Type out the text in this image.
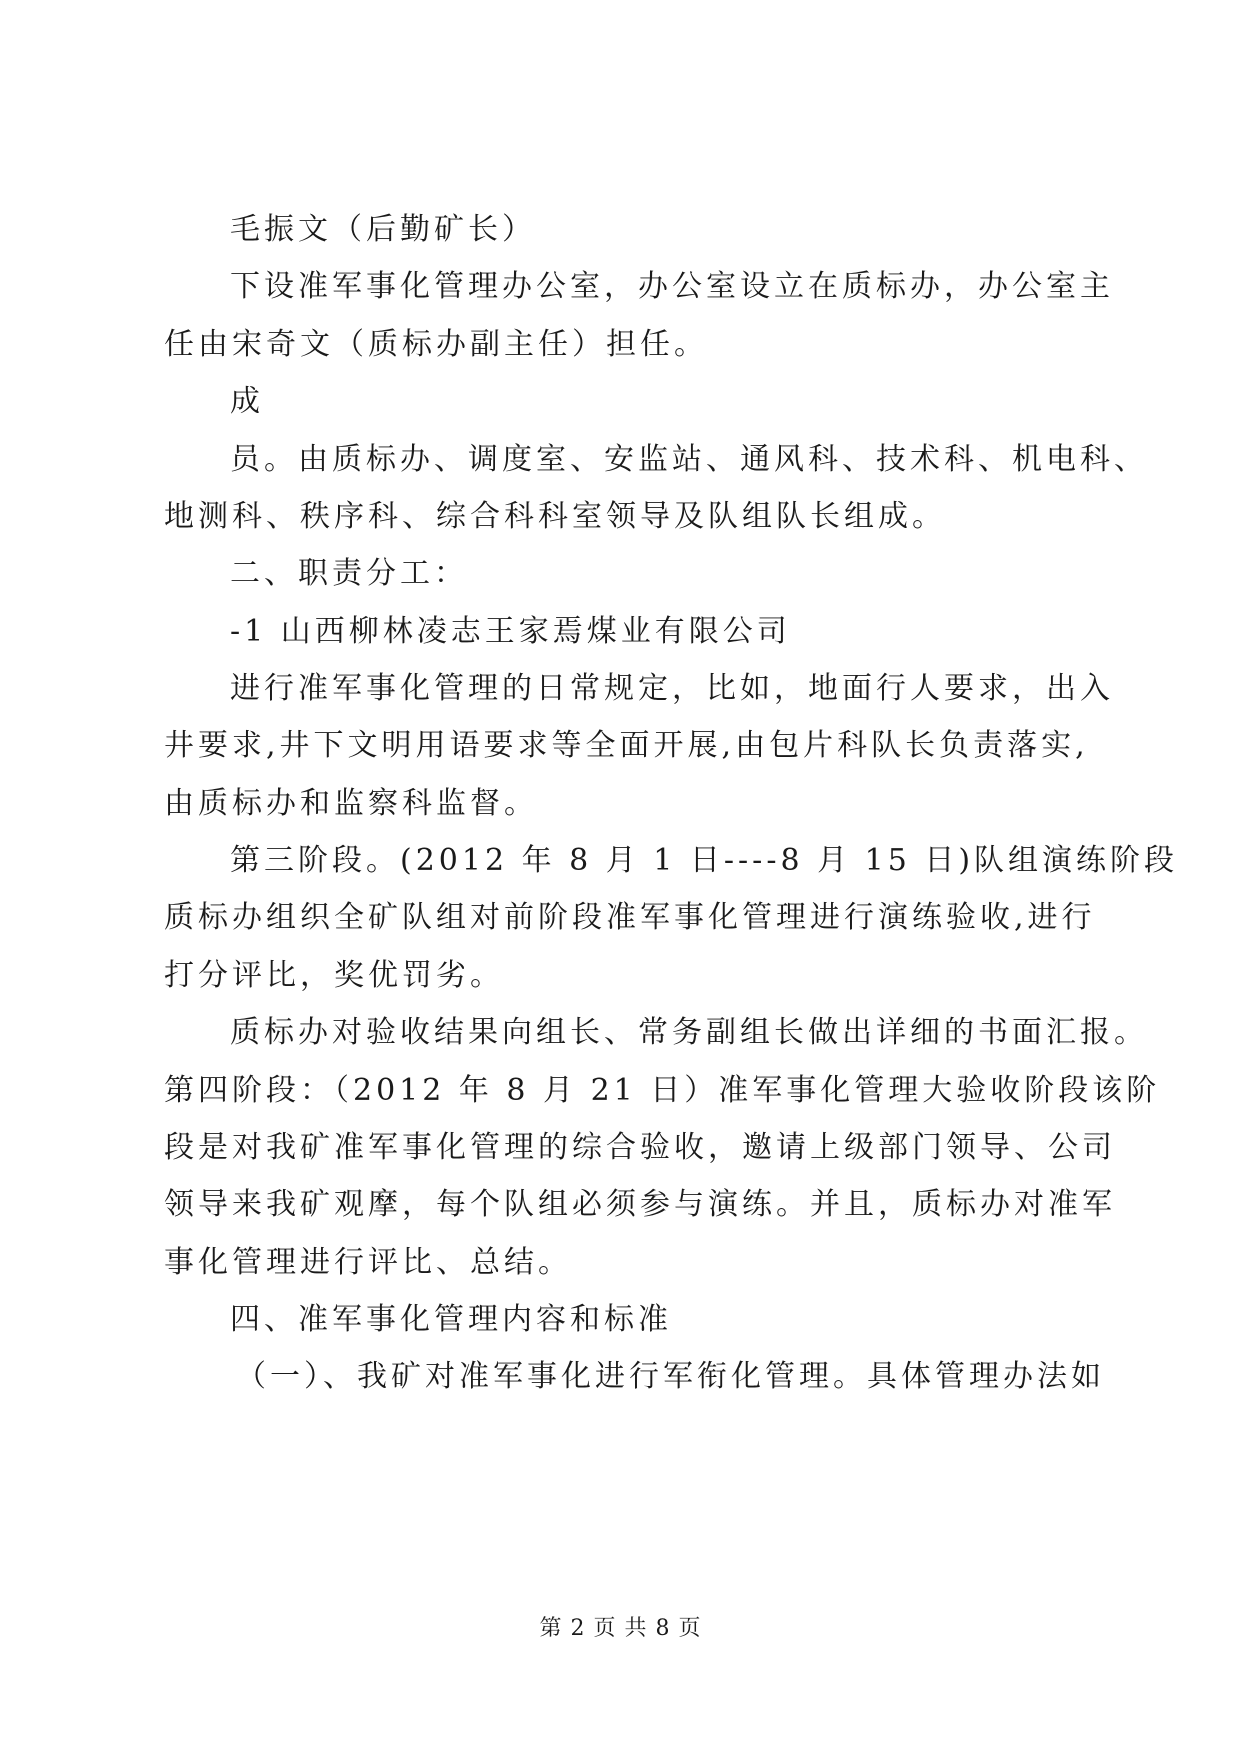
毛振文（后勤矿长）
下设准军事化管理办公室，办公室设立在质标办，办公室主
任由宋奇文（质标办副主任）担任。
成
员。由质标办、调度室、安监站、通风科、技术科、机电科、
地测科、秩序科、综合科科室领导及队组队长组成。
二、职责分工：
-1 山西柳林凌志王家焉煤业有限公司
进行准军事化管理的日常规定，比如，地面行人要求，出入
井要求,井下文明用语要求等全面开展,由包片科队长负责落实,
由质标办和监察科监督。
第三阶段。(2012 年 8 月 1 日----8 月 15 日)队组演练阶段
质标办组织全矿队组对前阶段准军事化管理进行演练验收,进行
打分评比，奖优罚劣。
质标办对验收结果向组长、常务副组长做出详细的书面汇报。
第四阶段：（2012 年 8 月 21 日）准军事化管理大验收阶段该阶
段是对我矿准军事化管理的综合验收，邀请上级部门领导、公司
领导来我矿观摩，每个队组必须参与演练。并且，质标办对准军
事化管理进行评比、总结。
四、准军事化管理内容和标准
（一）、我矿对准军事化进行军衔化管理。具体管理办法如
第 2 页 共 8 页
